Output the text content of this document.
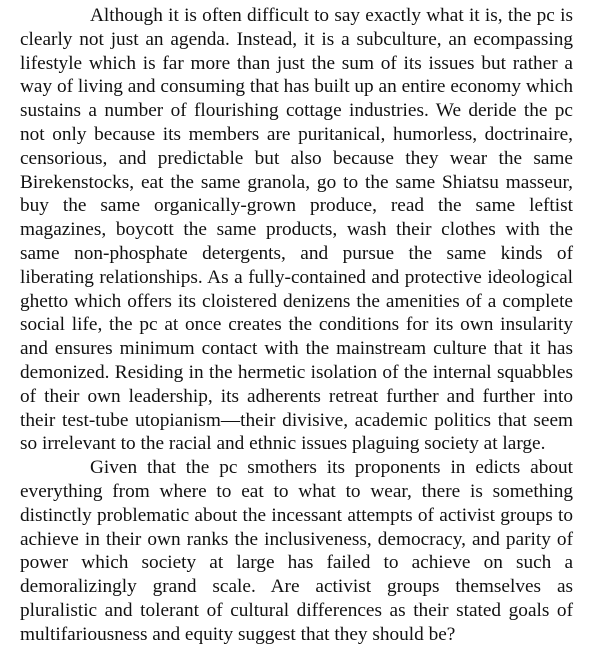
Although it is often difficult to say exactly what it is, the pc is clearly not just an agenda. Instead, it is a subculture, an ecompassing lifestyle which is far more than just the sum of its issues but rather a way of living and consuming that has built up an entire economy which sustains a number of flourishing cottage industries. We deride the pc not only because its members are puritanical, humorless, doctrinaire, censorious, and predictable but also because they wear the same Birekenstocks, eat the same granola, go to the same Shiatsu masseur, buy the same organically-grown produce, read the same leftist magazines, boycott the same products, wash their clothes with the same non-phosphate detergents, and pursue the same kinds of liberating relationships. As a fully-contained and protective ideological ghetto which offers its cloistered denizens the amenities of a complete social life, the pc at once creates the conditions for its own insularity and ensures minimum contact with the mainstream culture that it has demonized. Residing in the hermetic isolation of the internal squabbles of their own leadership, its adherents retreat further and further into their test-tube utopianism—their divisive, academic politics that seem so irrelevant to the racial and ethnic issues plaguing society at large.

Given that the pc smothers its proponents in edicts about everything from where to eat to what to wear, there is something distinctly problematic about the incessant attempts of activist groups to achieve in their own ranks the inclusiveness, democracy, and parity of power which society at large has failed to achieve on such a demoralizingly grand scale. Are activist groups themselves as pluralistic and tolerant of cultural differences as their stated goals of multifariousness and equity suggest that they should be?
